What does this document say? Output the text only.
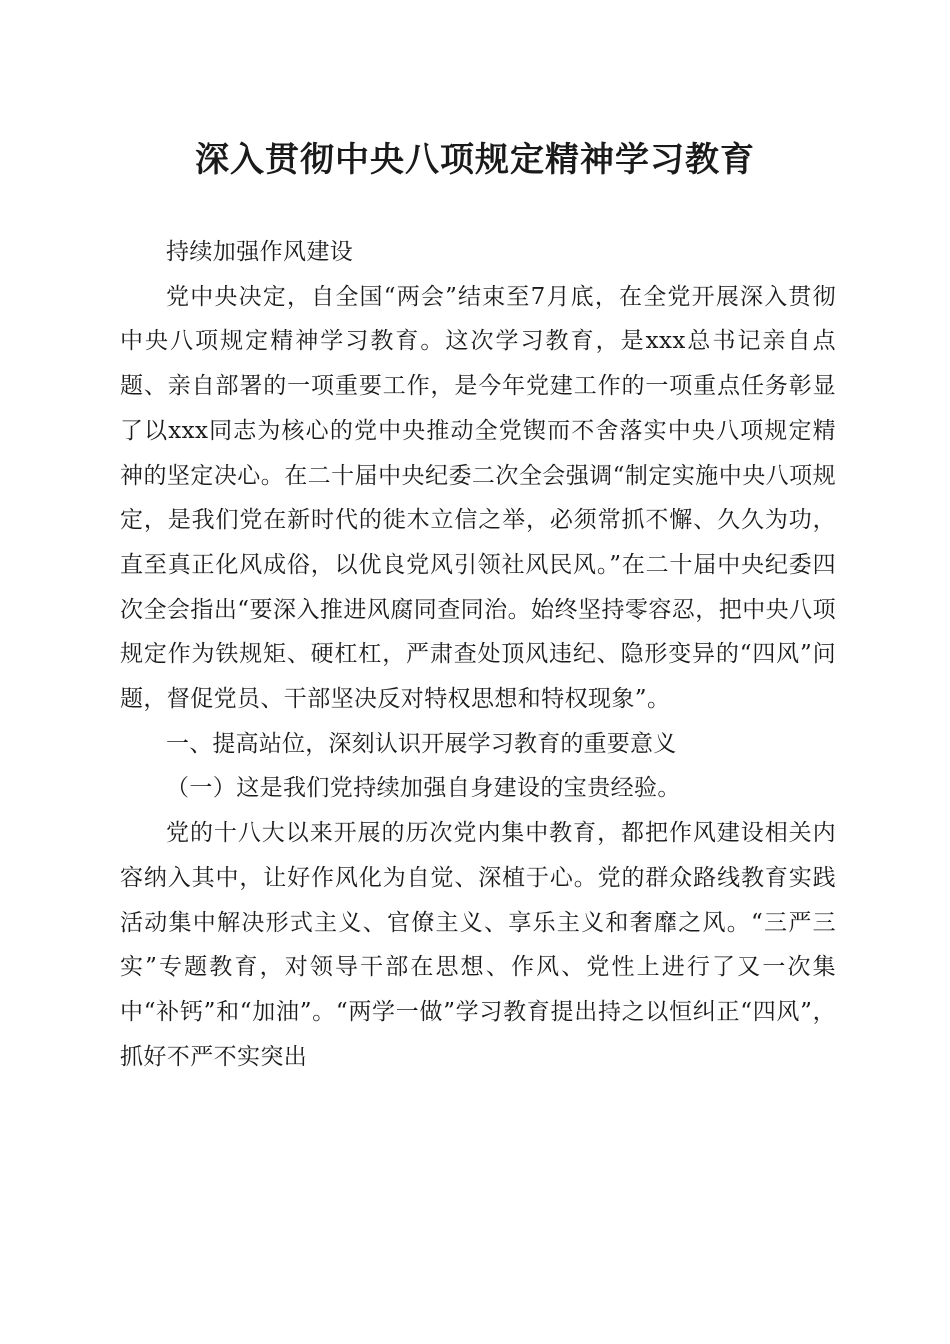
深入贯彻中央八项规定精神学习教育

持续加强作风建设

党中央决定，自全国“两会”结束至7月底，在全党开展深入贯彻中央八项规定精神学习教育。这次学习教育，是xxx总书记亲自点题、亲自部署的一项重要工作，是今年党建工作的一项重点任务彰显了以xxx同志为核心的党中央推动全党锲而不舍落实中央八项规定精神的坚定决心。在二十届中央纪委二次全会强调“制定实施中央八项规定，是我们党在新时代的徙木立信之举，必须常抓不懈、久久为功，直至真正化风成俗，以优良党风引领社风民风。”在二十届中央纪委四次全会指出“要深入推进风腐同查同治。始终坚持零容忍，把中央八项规定作为铁规矩、硬杠杠，严肃查处顶风违纪、隐形变异的“四风”问题，督促党员、干部坚决反对特权思想和特权现象”。

一、提高站位，深刻认识开展学习教育的重要意义
（一）这是我们党持续加强自身建设的宝贵经验。

党的十八大以来开展的历次党内集中教育，都把作风建设相关内容纳入其中，让好作风化为自觉、深植于心。党的群众路线教育实践活动集中解决形式主义、官僚主义、享乐主义和奢靡之风。“三严三实”专题教育，对领导干部在思想、作风、党性上进行了又一次集中“补钙”和“加油”。“两学一做”学习教育提出持之以恒纠正“四风”，抓好不严不实突出
